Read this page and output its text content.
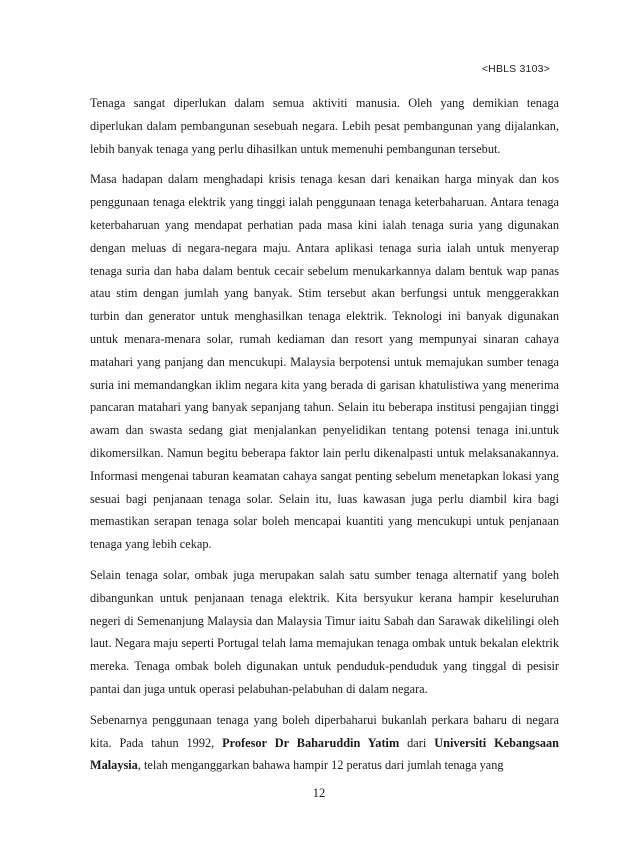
<HBLS 3103>

Tenaga sangat diperlukan dalam semua aktiviti manusia. Oleh yang demikian tenaga diperlukan dalam pembangunan sesebuah negara. Lebih pesat pembangunan yang dijalankan, lebih banyak tenaga yang perlu dihasilkan untuk memenuhi pembangunan tersebut.

Masa hadapan dalam menghadapi krisis tenaga kesan dari kenaikan harga minyak dan kos penggunaan tenaga elektrik yang tinggi ialah penggunaan tenaga keterbaharuan. Antara tenaga keterbaharuan yang mendapat perhatian pada masa kini ialah tenaga suria yang digunakan dengan meluas di negara-negara maju. Antara aplikasi tenaga suria ialah untuk menyerap tenaga suria dan haba dalam bentuk cecair sebelum menukarkannya dalam bentuk wap panas atau stim dengan jumlah yang banyak. Stim tersebut akan berfungsi untuk menggerakkan turbin dan generator untuk menghasilkan tenaga elektrik. Teknologi ini banyak digunakan untuk menara-menara solar, rumah kediaman dan resort yang mempunyai sinaran cahaya matahari yang panjang dan mencukupi. Malaysia berpotensi untuk memajukan sumber tenaga suria ini memandangkan iklim negara kita yang berada di garisan khatulistiwa yang menerima pancaran matahari yang banyak sepanjang tahun. Selain itu beberapa institusi pengajian tinggi awam dan swasta sedang giat menjalankan penyelidikan tentang potensi tenaga ini.untuk dikomersilkan. Namun begitu beberapa faktor lain perlu dikenalpasti untuk melaksanakannya. Informasi mengenai taburan keamatan cahaya sangat penting sebelum menetapkan lokasi yang sesuai bagi penjanaan tenaga solar. Selain itu, luas kawasan juga perlu diambil kira bagi memastikan serapan tenaga solar boleh mencapai kuantiti yang mencukupi untuk penjanaan tenaga yang lebih cekap.

Selain tenaga solar, ombak juga merupakan salah satu sumber tenaga alternatif yang boleh dibangunkan untuk penjanaan tenaga elektrik. Kita bersyukur kerana hampir keseluruhan negeri di Semenanjung Malaysia dan Malaysia Timur iaitu Sabah dan Sarawak dikelilingi oleh laut. Negara maju seperti Portugal telah lama memajukan tenaga ombak untuk bekalan elektrik mereka. Tenaga ombak boleh digunakan untuk penduduk-penduduk yang tinggal di pesisir pantai dan juga untuk operasi pelabuhan-pelabuhan di dalam negara.

Sebenarnya penggunaan tenaga yang boleh diperbaharui bukanlah perkara baharu di negara kita. Pada tahun 1992, Profesor Dr Baharuddin Yatim dari Universiti Kebangsaan Malaysia, telah menganggarkan bahawa hampir 12 peratus dari jumlah tenaga yang

12
